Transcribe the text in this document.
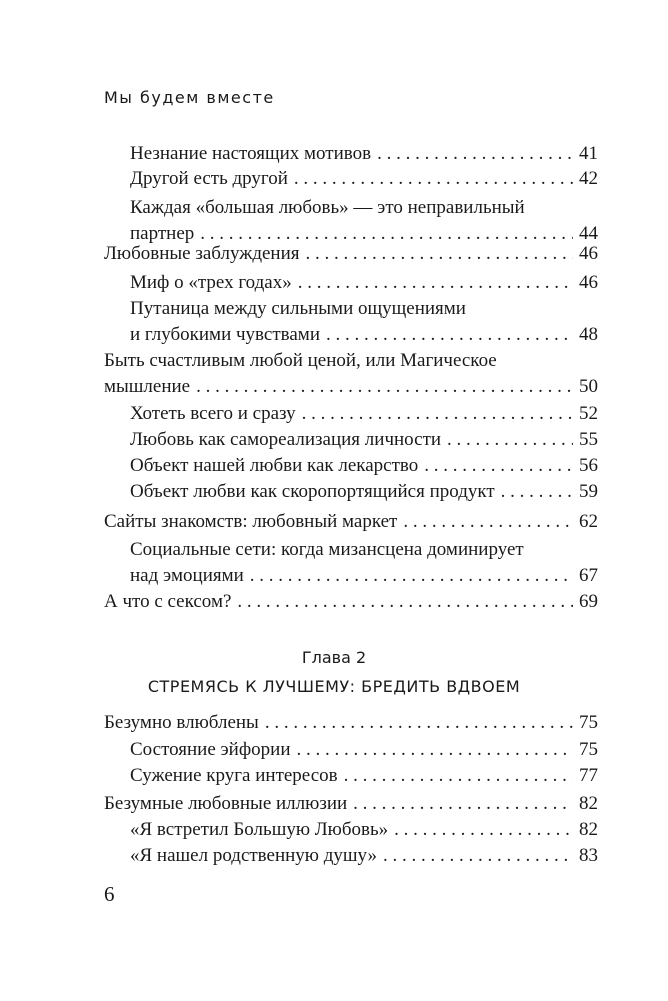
Мы будем вместе
Незнание настоящих мотивов . . .	41
Другой есть другой . . .	42
Каждая «большая любовь» — это неправильный
партнер . . .	44
Любовные заблуждения . . .	46
Миф о «трех годах» . . .	46
Путаница между сильными ощущениями
и глубокими чувствами . . .	48
Быть счастливым любой ценой, или Магическое
мышление . . .	50
Хотеть всего и сразу . . .	52
Любовь как самореализация личности . . .	55
Объект нашей любви как лекарство . . .	56
Объект любви как скоропортящийся продукт . . .	59
Сайты знакомств: любовный маркет . . .	62
Социальные сети: когда мизансцена доминирует
над эмоциями . . .	67
А что с сексом? . . .	69
Глава 2
СТРЕМЯСЬ К ЛУЧШЕМУ: БРЕДИТЬ ВДВОЕМ
Безумно влюблены . . .	75
Состояние эйфории . . .	75
Сужение круга интересов . . .	77
Безумные любовные иллюзии . . .	82
«Я встретил Большую Любовь» . . .	82
«Я нашел родственную душу» . . .	83
6
